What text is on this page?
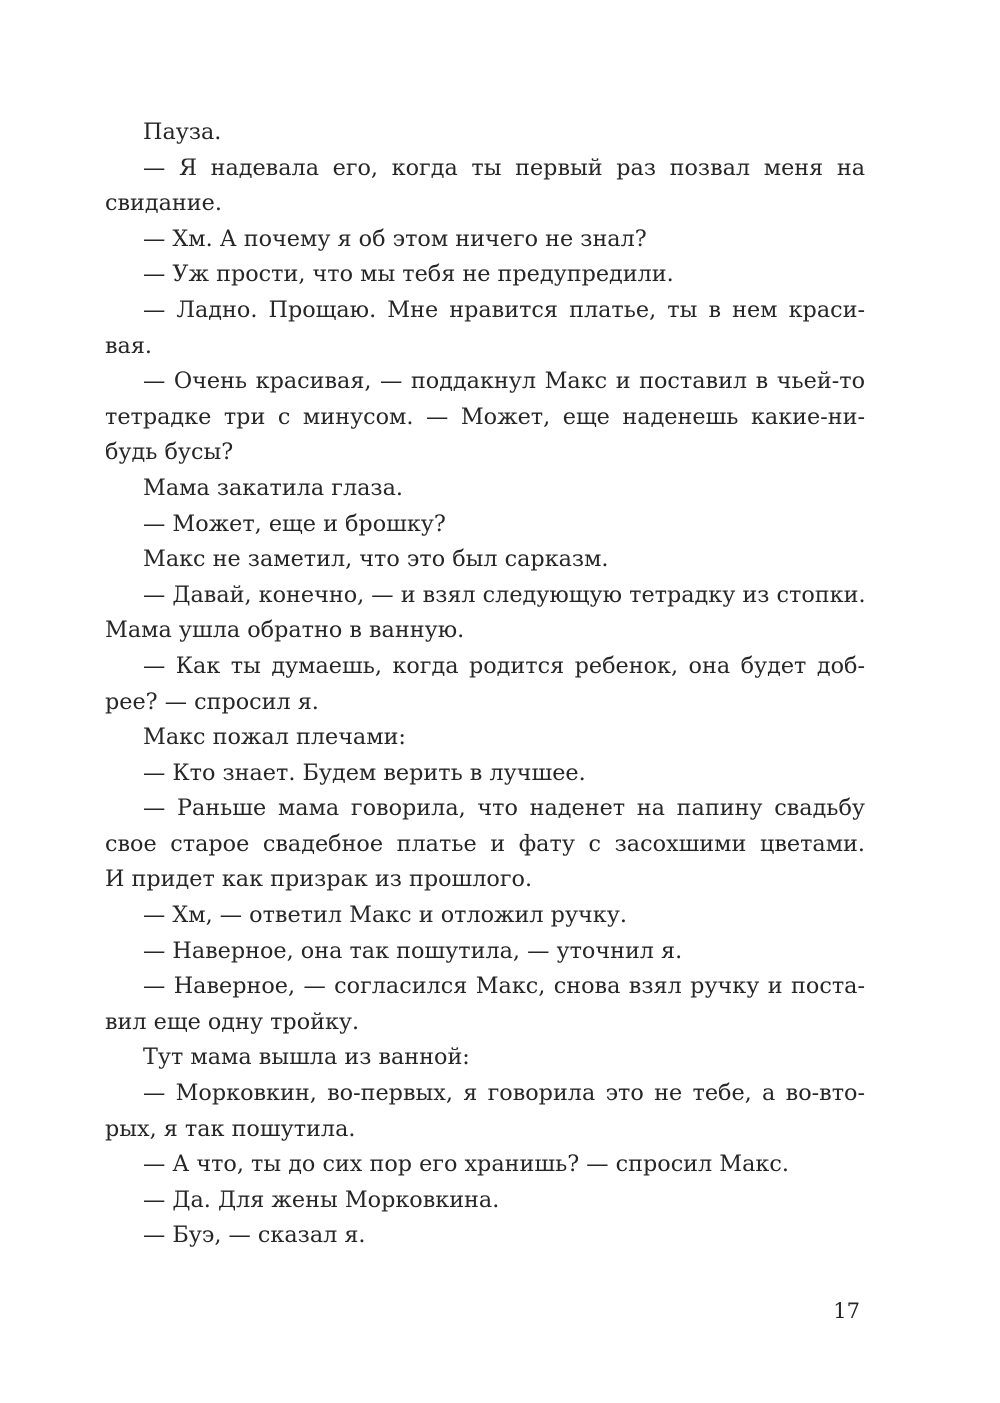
Пауза.
— Я надевала его, когда ты первый раз позвал меня на
свидание.
— Хм. А почему я об этом ничего не знал?
— Уж прости, что мы тебя не предупредили.
— Ладно. Прощаю. Мне нравится платье, ты в нем краси-
вая.
— Очень красивая, — поддакнул Макс и поставил в чьей-то
тетрадке три с минусом. — Может, еще наденешь какие-ни-
будь бусы?
Мама закатила глаза.
— Может, еще и брошку?
Макс не заметил, что это был сарказм.
— Давай, конечно, — и взял следующую тетрадку из стопки.
Мама ушла обратно в ванную.
— Как ты думаешь, когда родится ребенок, она будет доб-
рее? — спросил я.
Макс пожал плечами:
— Кто знает. Будем верить в лучшее.
— Раньше мама говорила, что наденет на папину свадьбу
свое старое свадебное платье и фату с засохшими цветами.
И придет как призрак из прошлого.
— Хм, — ответил Макс и отложил ручку.
— Наверное, она так пошутила, — уточнил я.
— Наверное, — согласился Макс, снова взял ручку и поста-
вил еще одну тройку.
Тут мама вышла из ванной:
— Морковкин, во-первых, я говорила это не тебе, а во-вто-
рых, я так пошутила.
— А что, ты до сих пор его хранишь? — спросил Макс.
— Да. Для жены Морковкина.
— Буэ, — сказал я.
17
